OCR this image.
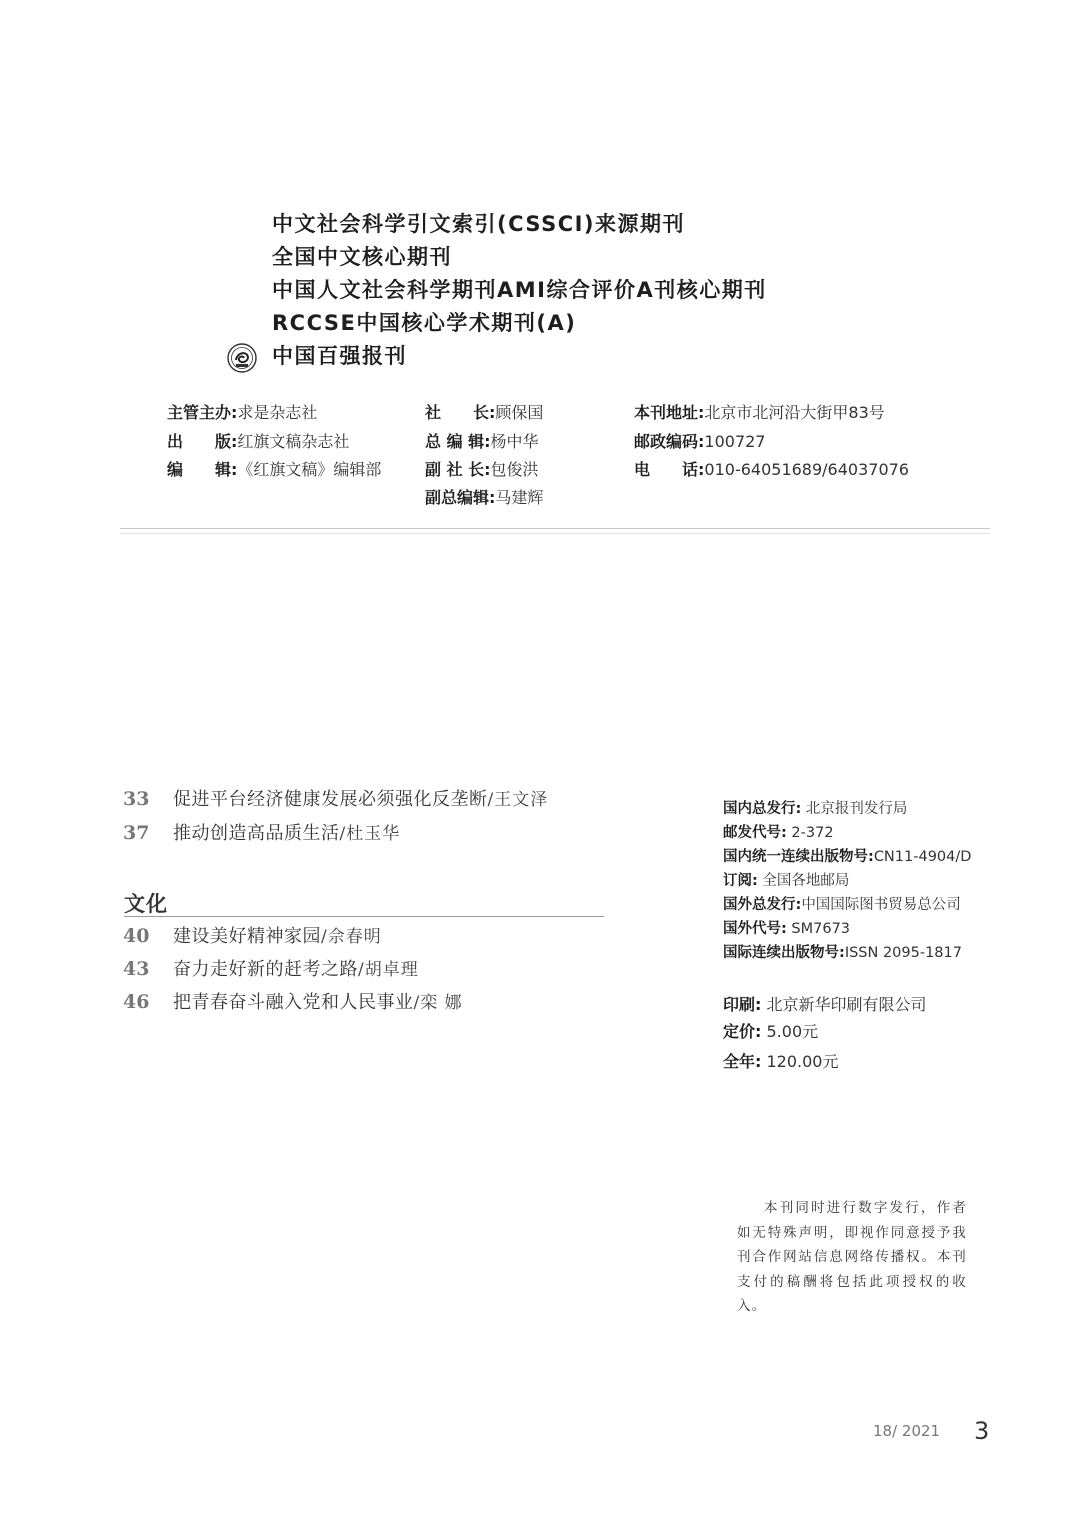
中文社会科学引文索引(CSSCI)来源期刊
全国中文核心期刊
中国人文社会科学期刊AMI综合评价A刊核心期刊
RCCSE中国核心学术期刊(A)
中国百强报刊
主管主办:求是杂志社
出　　版:红旗文稿杂志社
编　　辑:《红旗文稿》编辑部
社　　长:顾保国
总 编 辑:杨中华
副 社 长:包俊洪
副总编辑:马建辉
本刊地址:北京市北河沿大街甲83号
邮政编码:100727
电　　话:010-64051689/64037076
33 促进平台经济健康发展必须强化反垄断/王文泽
37 推动创造高品质生活/杜玉华
文化
40 建设美好精神家园/佘春明
43 奋力走好新的赶考之路/胡卓理
46 把青春奋斗融入党和人民事业/栾 娜
国内总发行: 北京报刊发行局
邮发代号: 2-372
国内统一连续出版物号:CN11-4904/D
订阅: 全国各地邮局
国外总发行:中国国际图书贸易总公司
国外代号: SM7673
国际连续出版物号:ISSN 2095-1817
印刷: 北京新华印刷有限公司
定价: 5.00元
全年: 120.00元
本刊同时进行数字发行，作者如无特殊声明，即视作同意授予我刊合作网站信息网络传播权。本刊支付的稿酬将包括此项授权的收入。
18/ 2021 3
